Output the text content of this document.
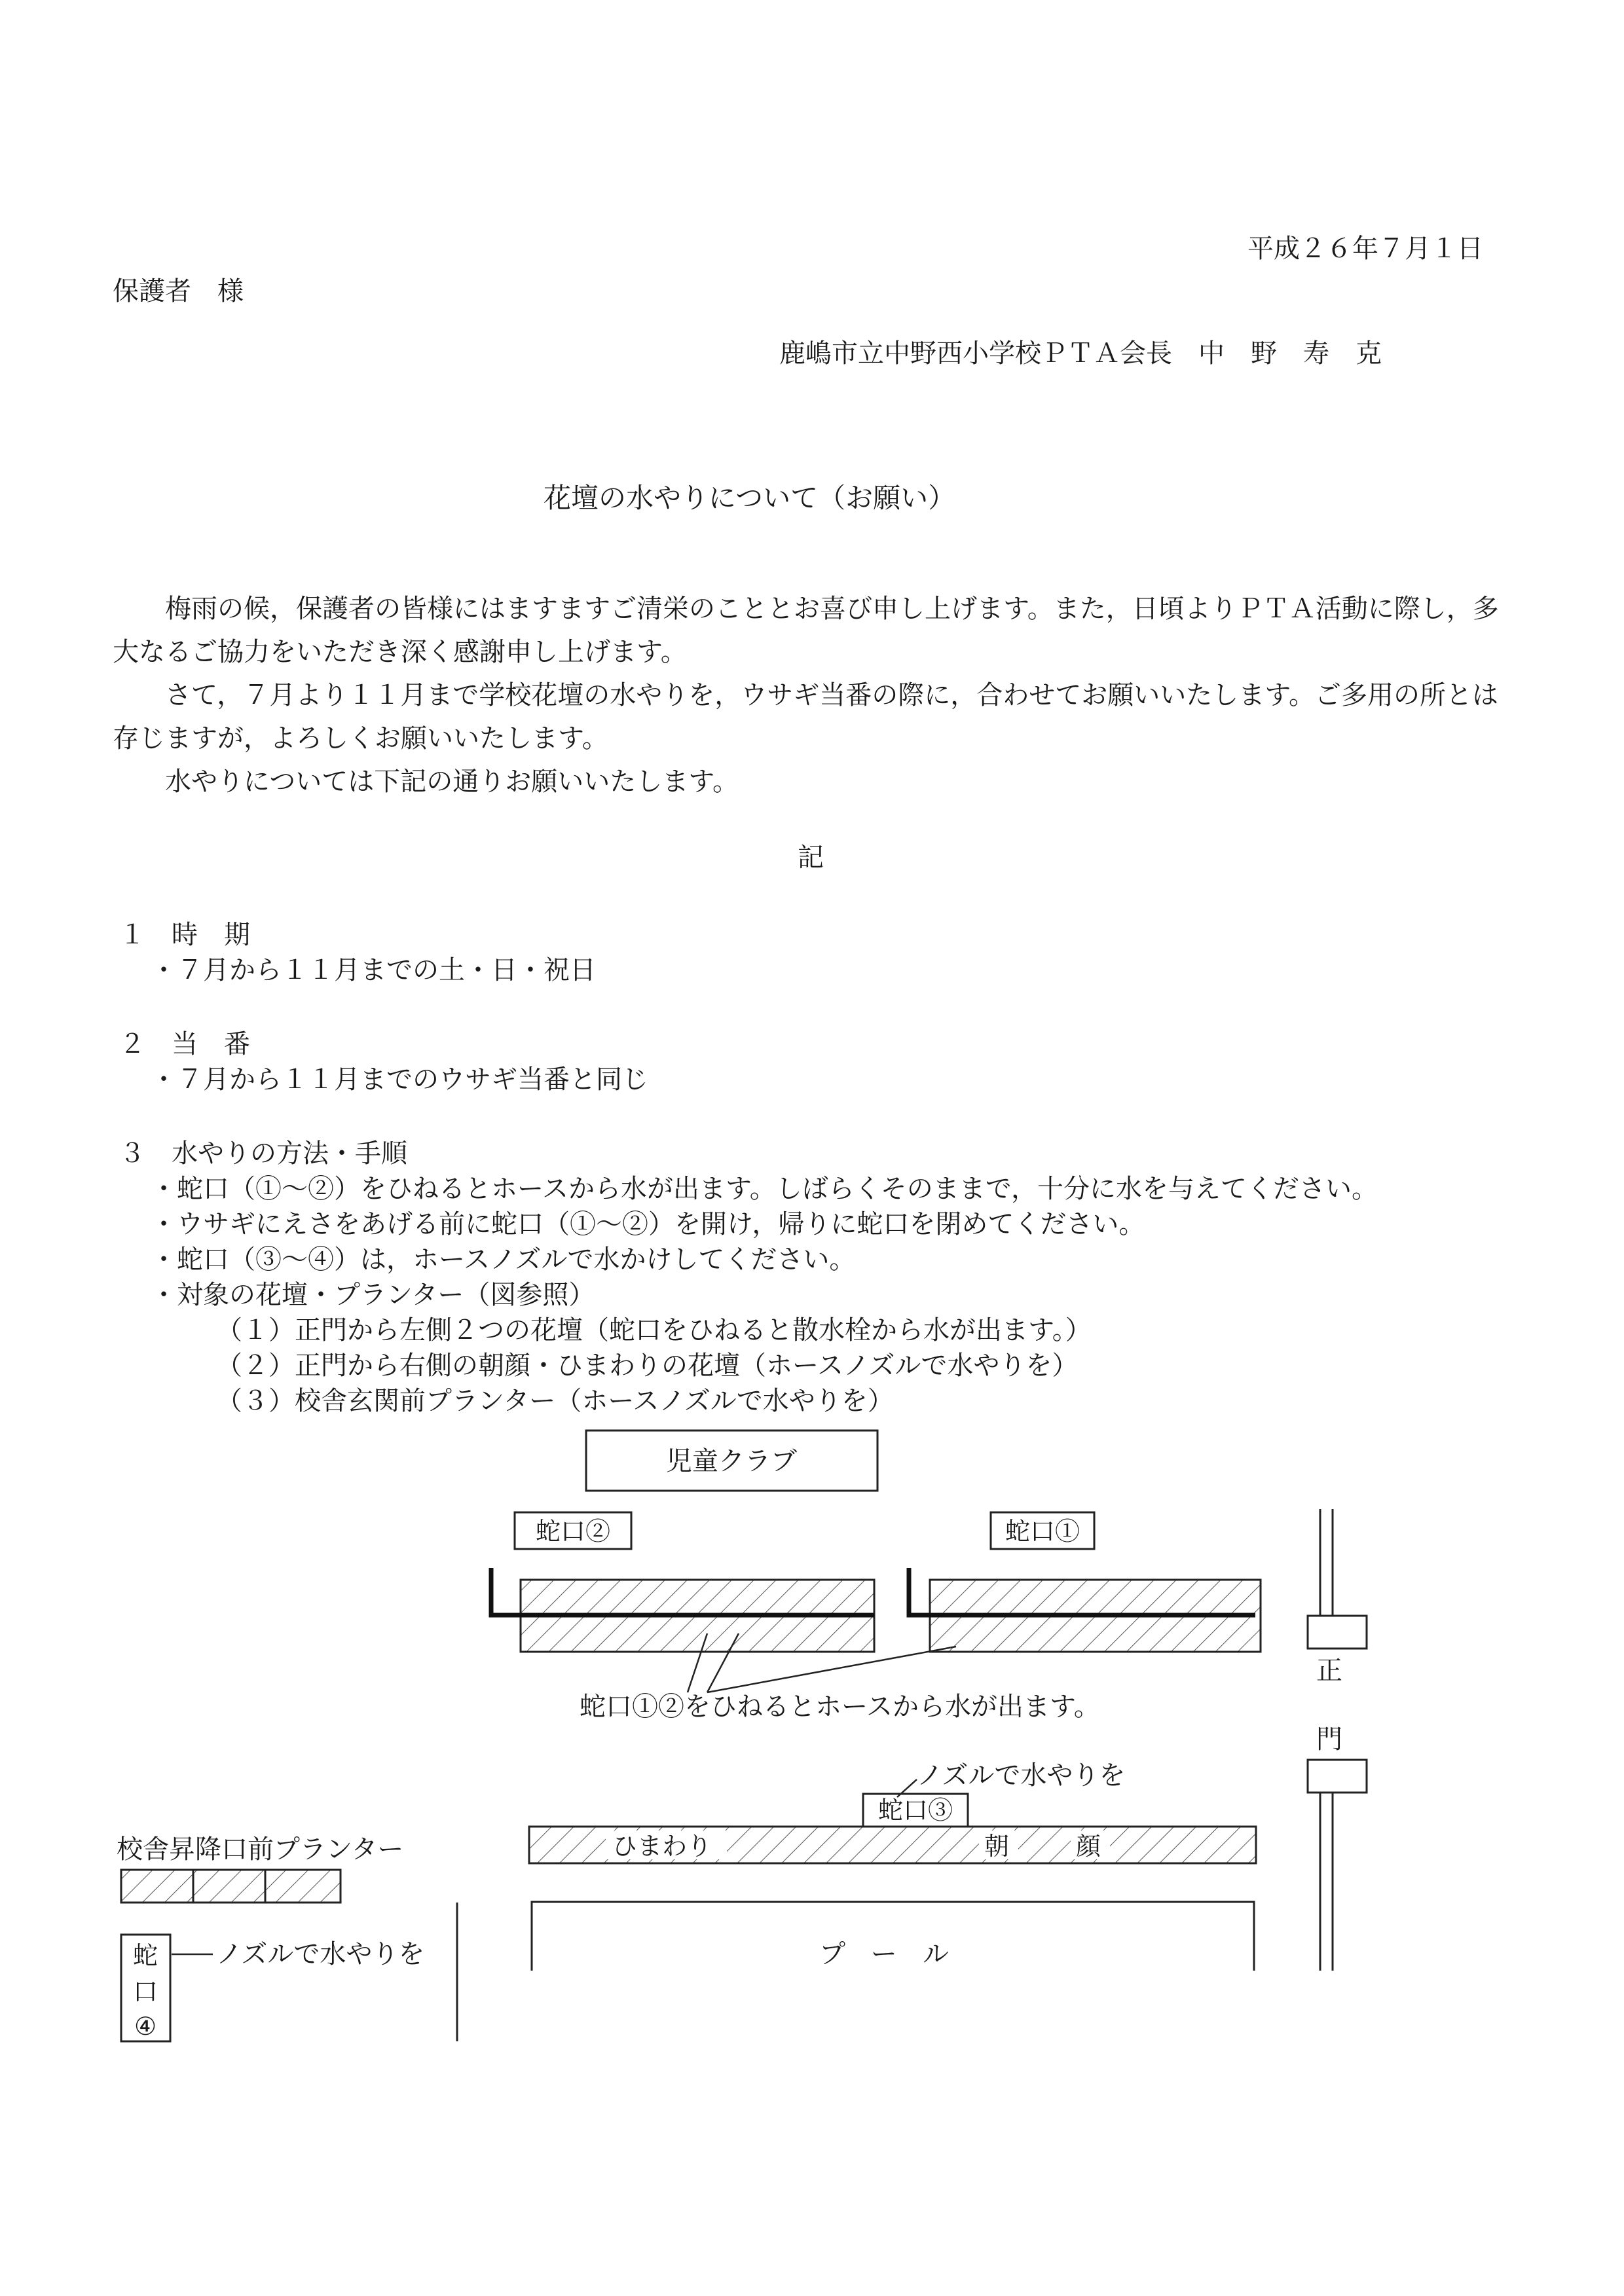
児童クラブ
蛇口②	蛇口①
蛇口①②をひねるとホースから水が出ます。
正
門
ノズルで水やりを
蛇口③
ひまわり	朝	顔
プール
校舎昇降口前プランター
蛇
口
④
ノズルで水やりを
平成２６年７月１日
保護者　様
鹿嶋市立中野西小学校ＰＴＡ会長　中　野　寿　克
花壇の水やりについて（お願い）

梅雨の候，保護者の皆様にはますますご清栄のこととお喜び申し上げます。また，日頃よりＰＴＡ活動に際し，多大なるご協力をいただき深く感謝申し上げます。

さて，７月より１１月まで学校花壇の水やりを，ウサギ当番の際に，合わせてお願いいたします。ご多用の所とは存じますが，よろしくお願いいたします。

水やりについては下記の通りお願いいたします。

記
１　時　期
・７月から１１月までの土・日・祝日
２　当　番
・７月から１１月までのウサギ当番と同じ
３　水やりの方法・手順
・蛇口（①～②）をひねるとホースから水が出ます。しばらくそのままで，十分に水を与えてください。
・ウサギにえさをあげる前に蛇口（①～②）を開け，帰りに蛇口を閉めてください。
・蛇口（③～④）は，ホースノズルで水かけしてください。
・対象の花壇・プランター（図参照）
（１）正門から左側２つの花壇（蛇口をひねると散水栓から水が出ます。）
（２）正門から右側の朝顔・ひまわりの花壇（ホースノズルで水やりを）
（３）校舎玄関前プランター（ホースノズルで水やりを）
